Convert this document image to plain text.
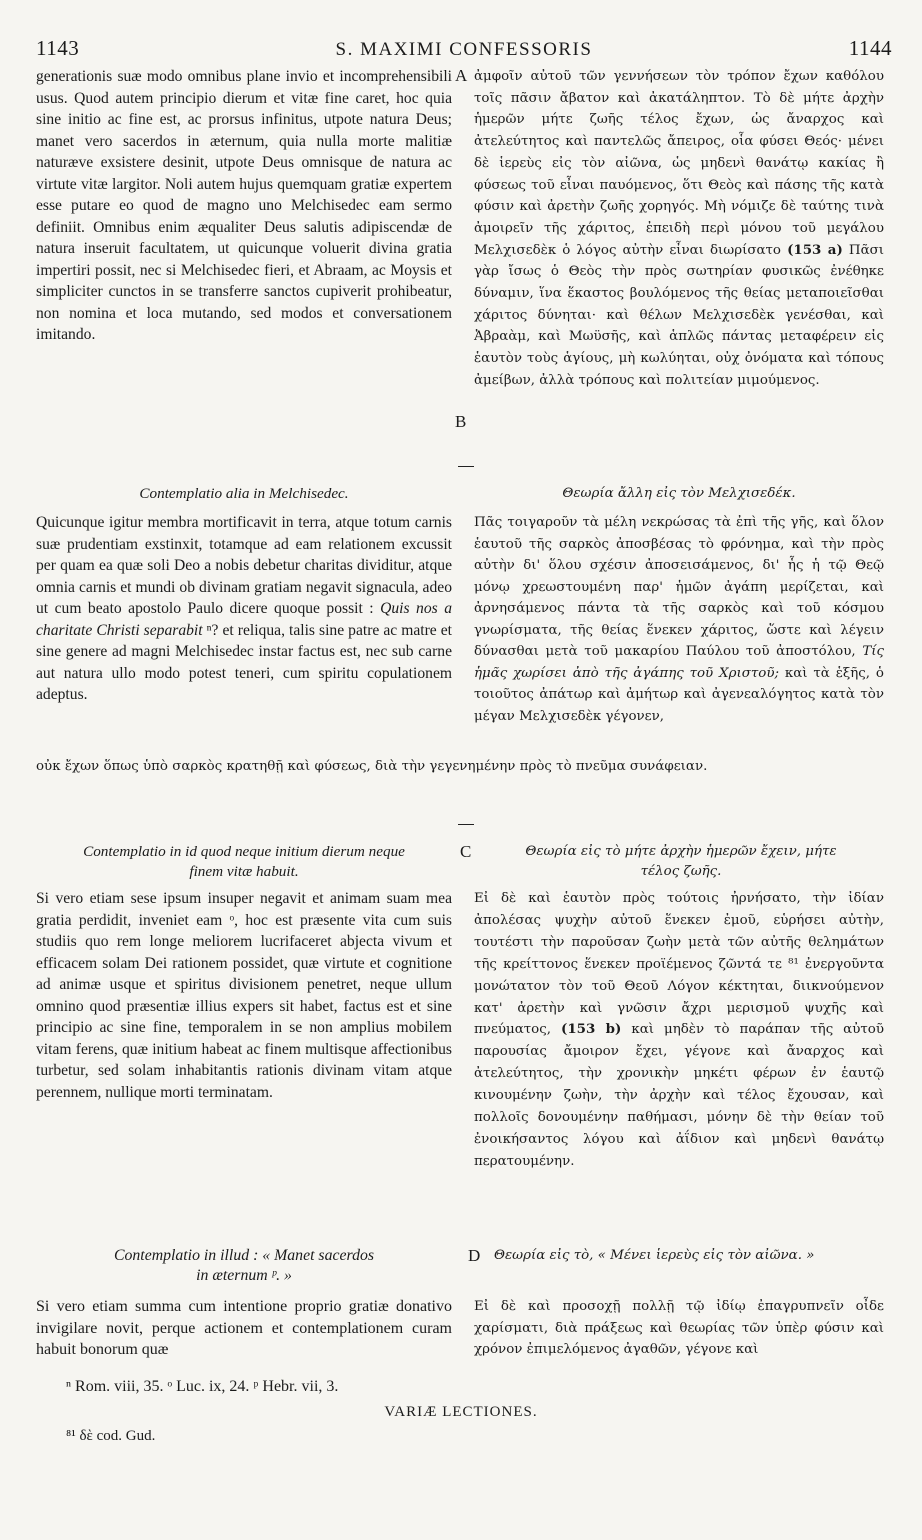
1143	S. MAXIMI CONFESSORIS	1144
generationis suæ modo omnibus plane invio et incomprehensibili usus. Quod autem principio dierum et vitæ fine caret, hoc quia sine initio ac fine est, ac prorsus infinitus, utpote natura Deus; manet vero sacerdos in æternum, quia nulla morte malitiæ naturæve exsistere desinit, utpote Deus omnisque de natura ac virtute vitæ largitor. Noli autem hujus quemquam gratiæ expertem esse putare eo quod de magno uno Melchisedec eam sermo definiit. Omnibus enim æqualiter Deus salutis adipiscendæ de natura inseruit facultatem, ut quicunque voluerit divina gratia impertiri possit, nec si Melchisedec fieri, et Abraam, ac Moysis et simpliciter cunctos in se transferre sanctos cupiverit prohibeatur, non nomina et loca mutando, sed modos et conversationem imitando.
A ἀμφοῖν αὐτοῦ τῶν γεννήσεων τὸν τρόπον ἔχων καθόλου τοῖς πᾶσιν ἄβατον καὶ ἀκατάληπτον. Τὸ δὲ μήτε ἀρχὴν ἡμερῶν μήτε ζωῆς τέλος ἔχων, ὡς ἄναρχος καὶ ἀτελεύτητος καὶ παντελῶς ἄπειρος, οἷα φύσει Θεός· μένει δὲ ἱερεὺς εἰς τὸν αἰῶνα, ὡς μηδενὶ θανάτῳ κακίας ἢ φύσεως τοῦ εἶναι παυόμενος, ὅτι Θεὸς καὶ πάσης τῆς κατὰ φύσιν καὶ ἀρετὴν ζωῆς χορηγός. Μὴ νόμιζε δὲ ταύτης τινὰ ἀμοιρεῖν τῆς χάριτος, ἐπειδὴ περὶ μόνου τοῦ μεγάλου Μελχισεδὲκ ὁ λόγος αὐτὴν εἶναι διωρίσατο (153 a) Πᾶσι γὰρ ἴσως ὁ Θεὸς τὴν πρὸς σωτηρίαν φυσικῶς ἐνέθηκε δύναμιν, ἵνα ἕκαστος βουλόμενος τῆς θείας μεταποιεῖσθαι χάριτος δύνηται· καὶ θέλων Μελχισεδὲκ γενέσθαι, καὶ Ἀβραὰμ, καὶ Μωϋσῆς, καὶ ἁπλῶς πάντας μεταφέρειν εἰς ἑαυτὸν τοὺς ἁγίους, μὴ κωλύηται, οὐχ ὀνόματα καὶ τόπους ἀμείβων, ἀλλὰ τρόπους καὶ πολιτείαν μιμούμενος.
B
Contemplatio alia in Melchisedec.	Θεωρία ἄλλη εἰς τὸν Μελχισεδέκ.
Quicunque igitur membra mortificavit in terra, atque totum carnis suæ prudentiam exstinxit, totamque ad eam relationem excussit per quam ea quæ soli Deo a nobis debetur charitas dividitur, atque omnia carnis et mundi ob divinam gratiam negavit signacula, adeo ut cum beato apostolo Paulo dicere quoque possit : Quis nos a charitate Christi separabit ⁿ? et reliqua, talis sine patre ac matre et sine genere ad magni Melchisedec instar factus est, nec sub carne aut natura ullo modo potest teneri, cum spiritu copulationem adeptus.
Πᾶς τοιγαροῦν τὰ μέλη νεκρώσας τὰ ἐπὶ τῆς γῆς, καὶ ὅλον ἑαυτοῦ τῆς σαρκὸς ἀποσβέσας τὸ φρόνημα, καὶ τὴν πρὸς αὐτὴν δι' ὅλου σχέσιν ἀποσεισάμενος, δι' ἧς ἡ τῷ Θεῷ μόνῳ χρεωστουμένη παρ' ἡμῶν ἀγάπη μερίζεται, καὶ ἀρνησάμενος πάντα τὰ τῆς σαρκὸς καὶ τοῦ κόσμου γνωρίσματα, τῆς θείας ἕνεκεν χάριτος, ὥστε καὶ λέγειν δύνασθαι μετὰ τοῦ μακαρίου Παύλου τοῦ ἀποστόλου, Τίς ἡμᾶς χωρίσει ἀπὸ τῆς ἀγάπης τοῦ Χριστοῦ; καὶ τὰ ἑξῆς, ὁ τοιοῦτος ἀπάτωρ καὶ ἀμήτωρ καὶ ἀγενεαλόγητος κατὰ τὸν μέγαν Μελχισεδὲκ γέγονεν,
οὐκ ἔχων ὅπως ὑπὸ σαρκὸς κρατηθῇ καὶ φύσεως, διὰ τὴν γεγενημένην πρὸς τὸ πνεῦμα συνάφειαν.
Contemplatio in id quod neque initium dierum neque
finem vitæ habuit.
C	Θεωρία εἰς τὸ μήτε ἀρχὴν ἡμερῶν ἔχειν, μήτε
τέλος ζωῆς.
Si vero etiam sese ipsum insuper negavit et animam suam mea gratia perdidit, inveniet eam ᵒ, hoc est præsente vita cum suis studiis quo rem longe meliorem lucrifaceret abjecta vivum et efficacem solam Dei rationem possidet, quæ virtute et cognitione ad animæ usque et spiritus divisionem penetret, neque ullum omnino quod præsentiæ illius expers sit habet, factus est et sine principio ac sine fine, temporalem in se non amplius mobilem vitam ferens, quæ initium habeat ac finem multisque affectionibus turbetur, sed solam inhabitantis rationis divinam vitam atque perennem, nullique morti terminatam.
Εἰ δὲ καὶ ἑαυτὸν πρὸς τούτοις ἠρνήσατο, τὴν ἰδίαν ἀπολέσας ψυχὴν αὐτοῦ ἕνεκεν ἐμοῦ, εὑρήσει αὐτὴν, τουτέστι τὴν παροῦσαν ζωὴν μετὰ τῶν αὐτῆς θελημάτων τῆς κρείττονος ἕνεκεν προϊέμενος ζῶντά τε ⁸¹ ἐνεργοῦντα μονώτατον τὸν τοῦ Θεοῦ Λόγον κέκτηται, διικνούμενον κατ' ἀρετὴν καὶ γνῶσιν ἄχρι μερισμοῦ ψυχῆς καὶ πνεύματος, (153 b) καὶ μηδὲν τὸ παράπαν τῆς αὐτοῦ παρουσίας ἄμοιρον ἔχει, γέγονε καὶ ἄναρχος καὶ ἀτελεύτητος, τὴν χρονικὴν μηκέτι φέρων ἐν ἑαυτῷ κινουμένην ζωὴν, τὴν ἀρχὴν καὶ τέλος ἔχουσαν, καὶ πολλοῖς δονουμένην παθήμασι, μόνην δὲ τὴν θείαν τοῦ ἐνοικήσαντος λόγου καὶ ἀΐδιον καὶ μηδενὶ θανάτῳ περατουμένην.
Contemplatio in illud : « Manet sacerdos
in æternum ᵖ. »
D Θεωρία εἰς τὸ, « Μένει ἱερεὺς εἰς τὸν αἰῶνα. »
Si vero etiam summa cum intentione proprio gratiæ donativo invigilare novit, perque actionem et contemplationem curam habuit bonorum quæ
Εἰ δὲ καὶ προσοχῇ πολλῇ τῷ ἰδίῳ ἐπαγρυπνεῖν οἶδε χαρίσματι, διὰ πράξεως καὶ θεωρίας τῶν ὑπὲρ φύσιν καὶ χρόνον ἐπιμελόμενος ἀγαθῶν, γέγονε καὶ
ⁿ Rom. viii, 35. ᵒ Luc. ix, 24. ᵖ Hebr. vii, 3.
VARIÆ LECTIONES.
⁸¹ δὲ cod. Gud.
